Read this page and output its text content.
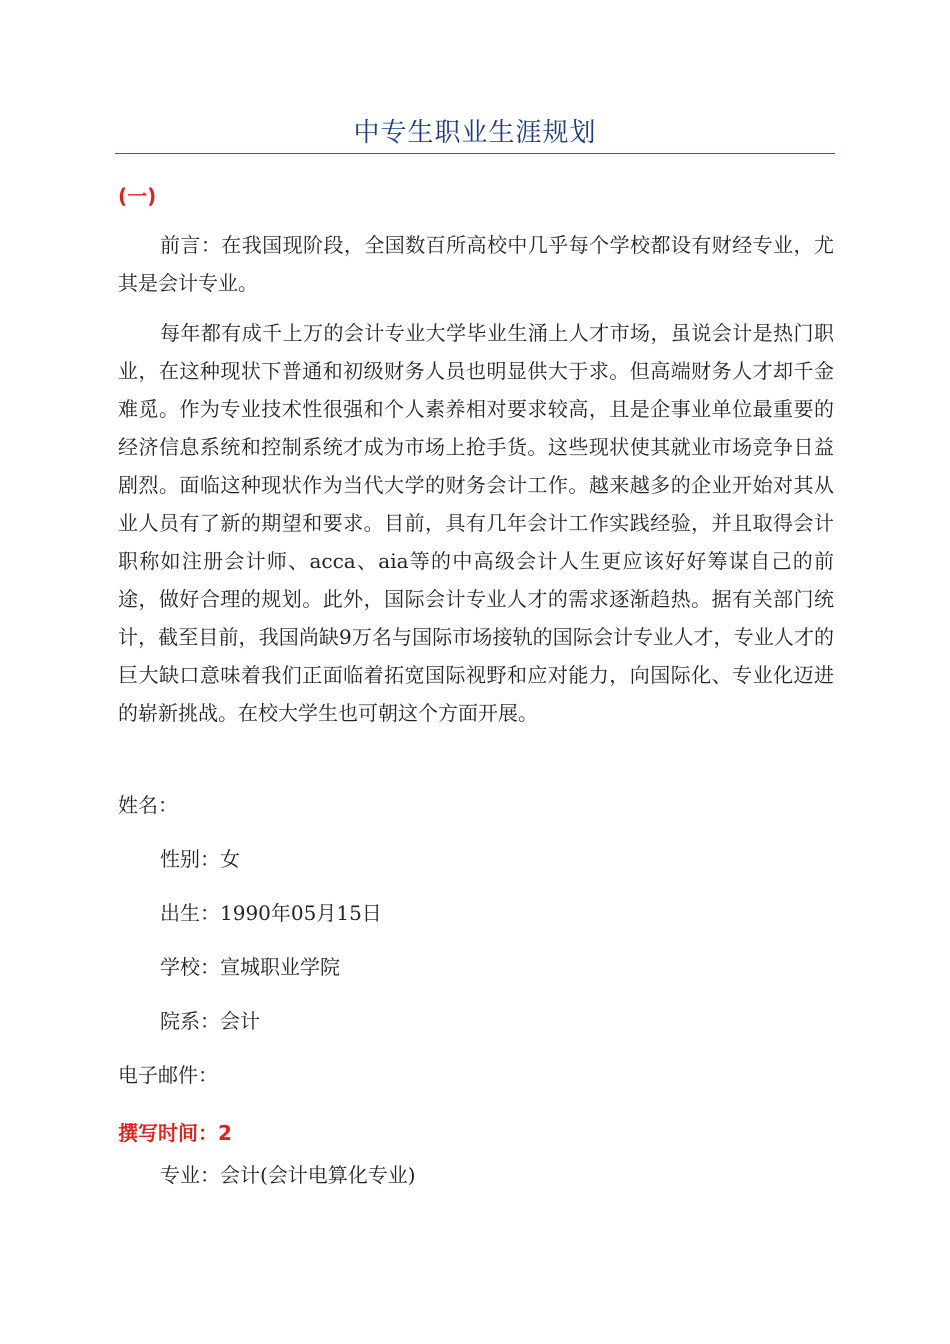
中专生职业生涯规划
(一)

前言：在我国现阶段，全国数百所高校中几乎每个学校都设有财经专业，尤其是会计专业。

每年都有成千上万的会计专业大学毕业生涌上人才市场，虽说会计是热门职业，在这种现状下普通和初级财务人员也明显供大于求。但高端财务人才却千金难觅。作为专业技术性很强和个人素养相对要求较高，且是企事业单位最重要的经济信息系统和控制系统才成为市场上抢手货。这些现状使其就业市场竞争日益剧烈。面临这种现状作为当代大学的财务会计工作。越来越多的企业开始对其从业人员有了新的期望和要求。目前，具有几年会计工作实践经验，并且取得会计职称如注册会计师、acca、aia等的中高级会计人生更应该好好筹谋自己的前途，做好合理的规划。此外，国际会计专业人才的需求逐渐趋热。据有关部门统计，截至目前，我国尚缺9万名与国际市场接轨的国际会计专业人才，专业人才的巨大缺口意味着我们正面临着拓宽国际视野和应对能力，向国际化、专业化迈进的崭新挑战。在校大学生也可朝这个方面开展。

姓名：
性别：女
出生：1990年05月15日
学校：宣城职业学院
院系：会计
电子邮件：
撰写时间：2
专业：会计(会计电算化专业)
